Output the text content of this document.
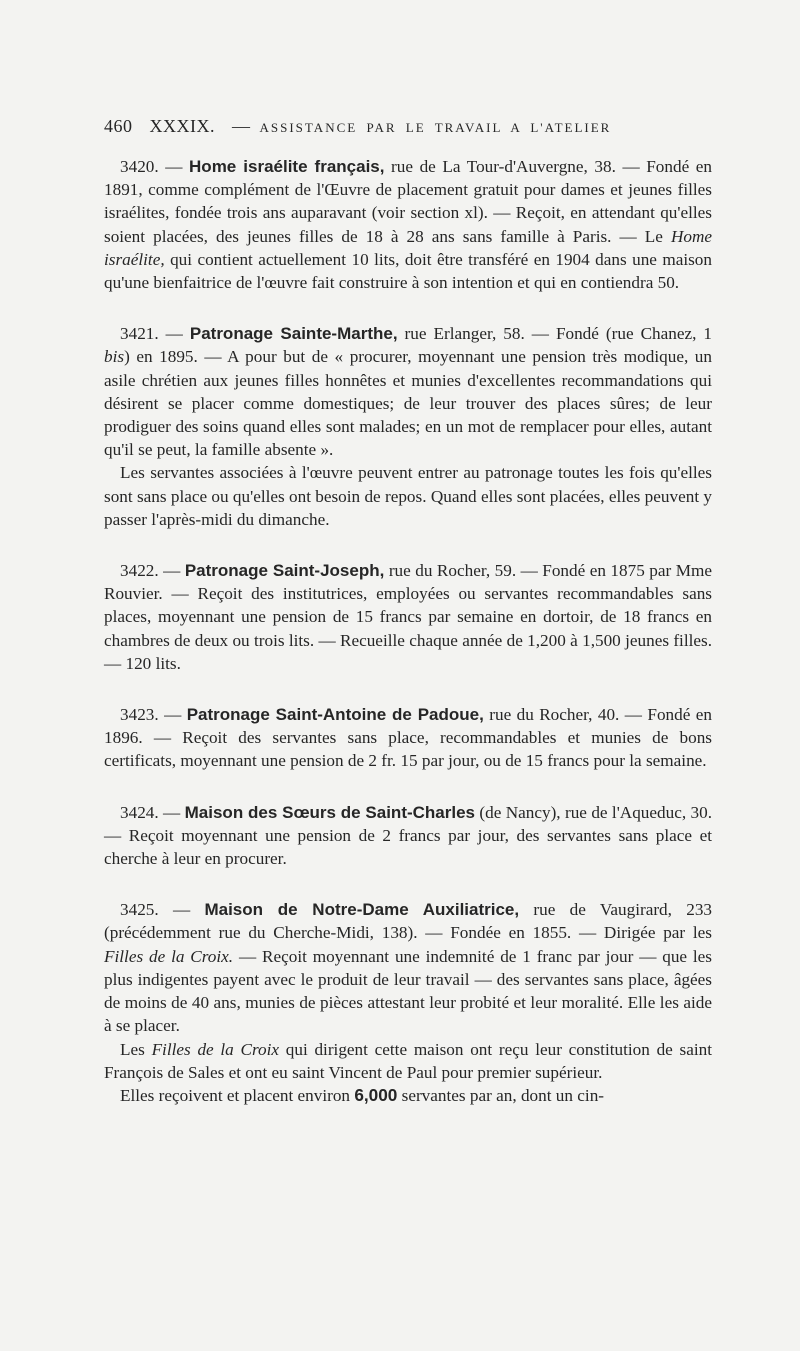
460 XXXIX. — ASSISTANCE PAR LE TRAVAIL A L'ATELIER

3420. — Home israélite français, rue de La Tour-d'Auvergne, 38. — Fondé en 1891, comme complément de l'Œuvre de placement gratuit pour dames et jeunes filles israélites, fondée trois ans auparavant (voir section xl). — Reçoit, en attendant qu'elles soient placées, des jeunes filles de 18 à 28 ans sans famille à Paris. — Le Home israélite, qui contient actuellement 10 lits, doit être transféré en 1904 dans une maison qu'une bienfaitrice de l'œuvre fait construire à son intention et qui en contiendra 50.

3421. — Patronage Sainte-Marthe, rue Erlanger, 58. — Fondé (rue Chanez, 1 bis) en 1895. — A pour but de « procurer, moyennant une pension très modique, un asile chrétien aux jeunes filles honnêtes et munies d'excellentes recommandations qui désirent se placer comme domestiques; de leur trouver des places sûres; de leur prodiguer des soins quand elles sont malades; en un mot de remplacer pour elles, autant qu'il se peut, la famille absente ».

Les servantes associées à l'œuvre peuvent entrer au patronage toutes les fois qu'elles sont sans place ou qu'elles ont besoin de repos. Quand elles sont placées, elles peuvent y passer l'après-midi du dimanche.

3422. — Patronage Saint-Joseph, rue du Rocher, 59. — Fondé en 1875 par Mme Rouvier. — Reçoit des institutrices, employées ou servantes recommandables sans places, moyennant une pension de 15 francs par semaine en dortoir, de 18 francs en chambres de deux ou trois lits. — Recueille chaque année de 1,200 à 1,500 jeunes filles. — 120 lits.

3423. — Patronage Saint-Antoine de Padoue, rue du Rocher, 40. — Fondé en 1896. — Reçoit des servantes sans place, recommandables et munies de bons certificats, moyennant une pension de 2 fr. 15 par jour, ou de 15 francs pour la semaine.

3424. — Maison des Sœurs de Saint-Charles (de Nancy), rue de l'Aqueduc, 30. — Reçoit moyennant une pension de 2 francs par jour, des servantes sans place et cherche à leur en procurer.

3425. — Maison de Notre-Dame Auxiliatrice, rue de Vaugirard, 233 (précédemment rue du Cherche-Midi, 138). — Fondée en 1855. — Dirigée par les Filles de la Croix. — Reçoit moyennant une indemnité de 1 franc par jour — que les plus indigentes payent avec le produit de leur travail — des servantes sans place, âgées de moins de 40 ans, munies de pièces attestant leur probité et leur moralité. Elle les aide à se placer.

Les Filles de la Croix qui dirigent cette maison ont reçu leur constitution de saint François de Sales et ont eu saint Vincent de Paul pour premier supérieur.

Elles reçoivent et placent environ 6,000 servantes par an, dont un cin-
